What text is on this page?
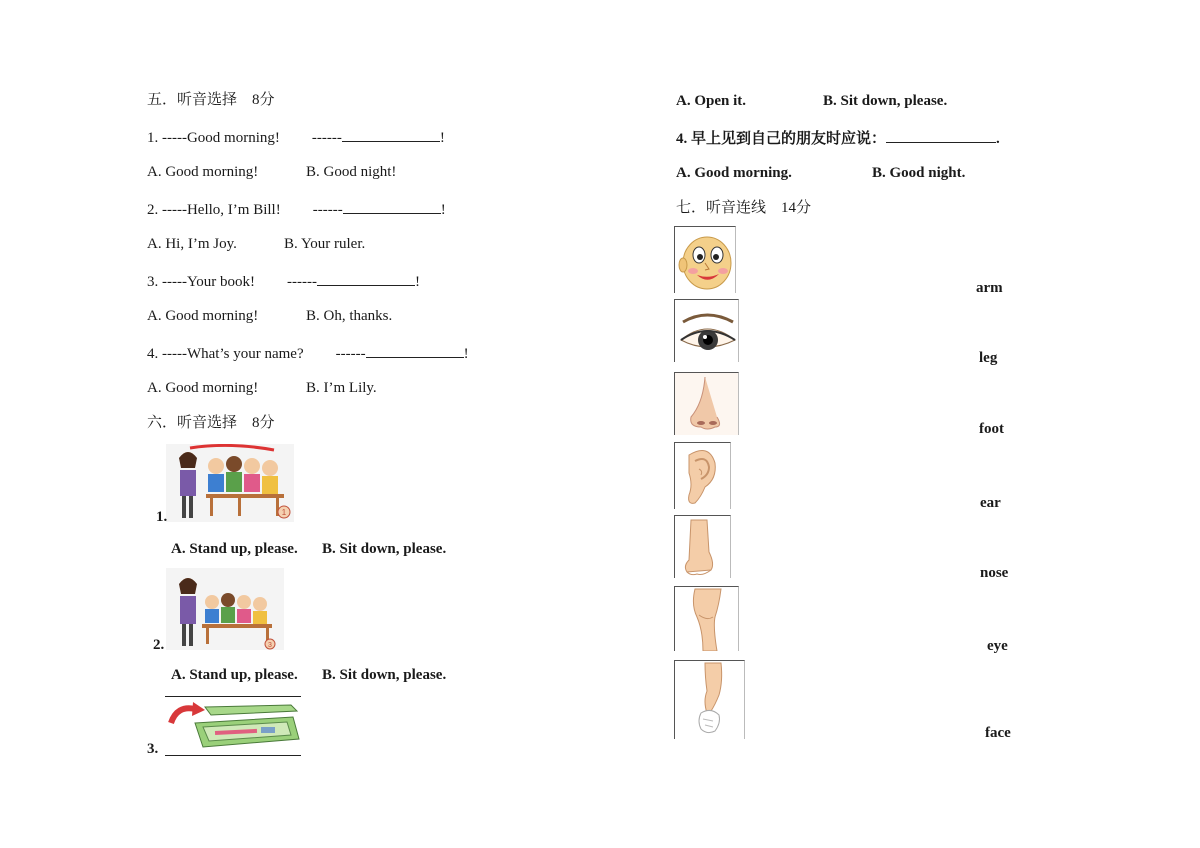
五．听音选择　8分
1. -----Good morning! ------	!
A. Good morning!	B. Good night!
2. -----Hello, I’m Bill! ------	!
A. Hi, I’m Joy.	B. Your ruler.
3. -----Your book! ------	!
A. Good morning!	B. Oh, thanks.
4. -----What’s your name? ------	!
A. Good morning!	B. I’m Lily.
六．听音选择　8分
1
1.
A. Stand up, please. B. Sit down, please.
3
2.
A. Stand up, please. B. Sit down, please.
3.
A. Open it.	B. Sit down, please.
4. 早上见到自己的朋友时应说：	.
A. Good morning.	B. Good night.
七．听音连线　14分
arm
leg
foot
ear
nose
eye
face
